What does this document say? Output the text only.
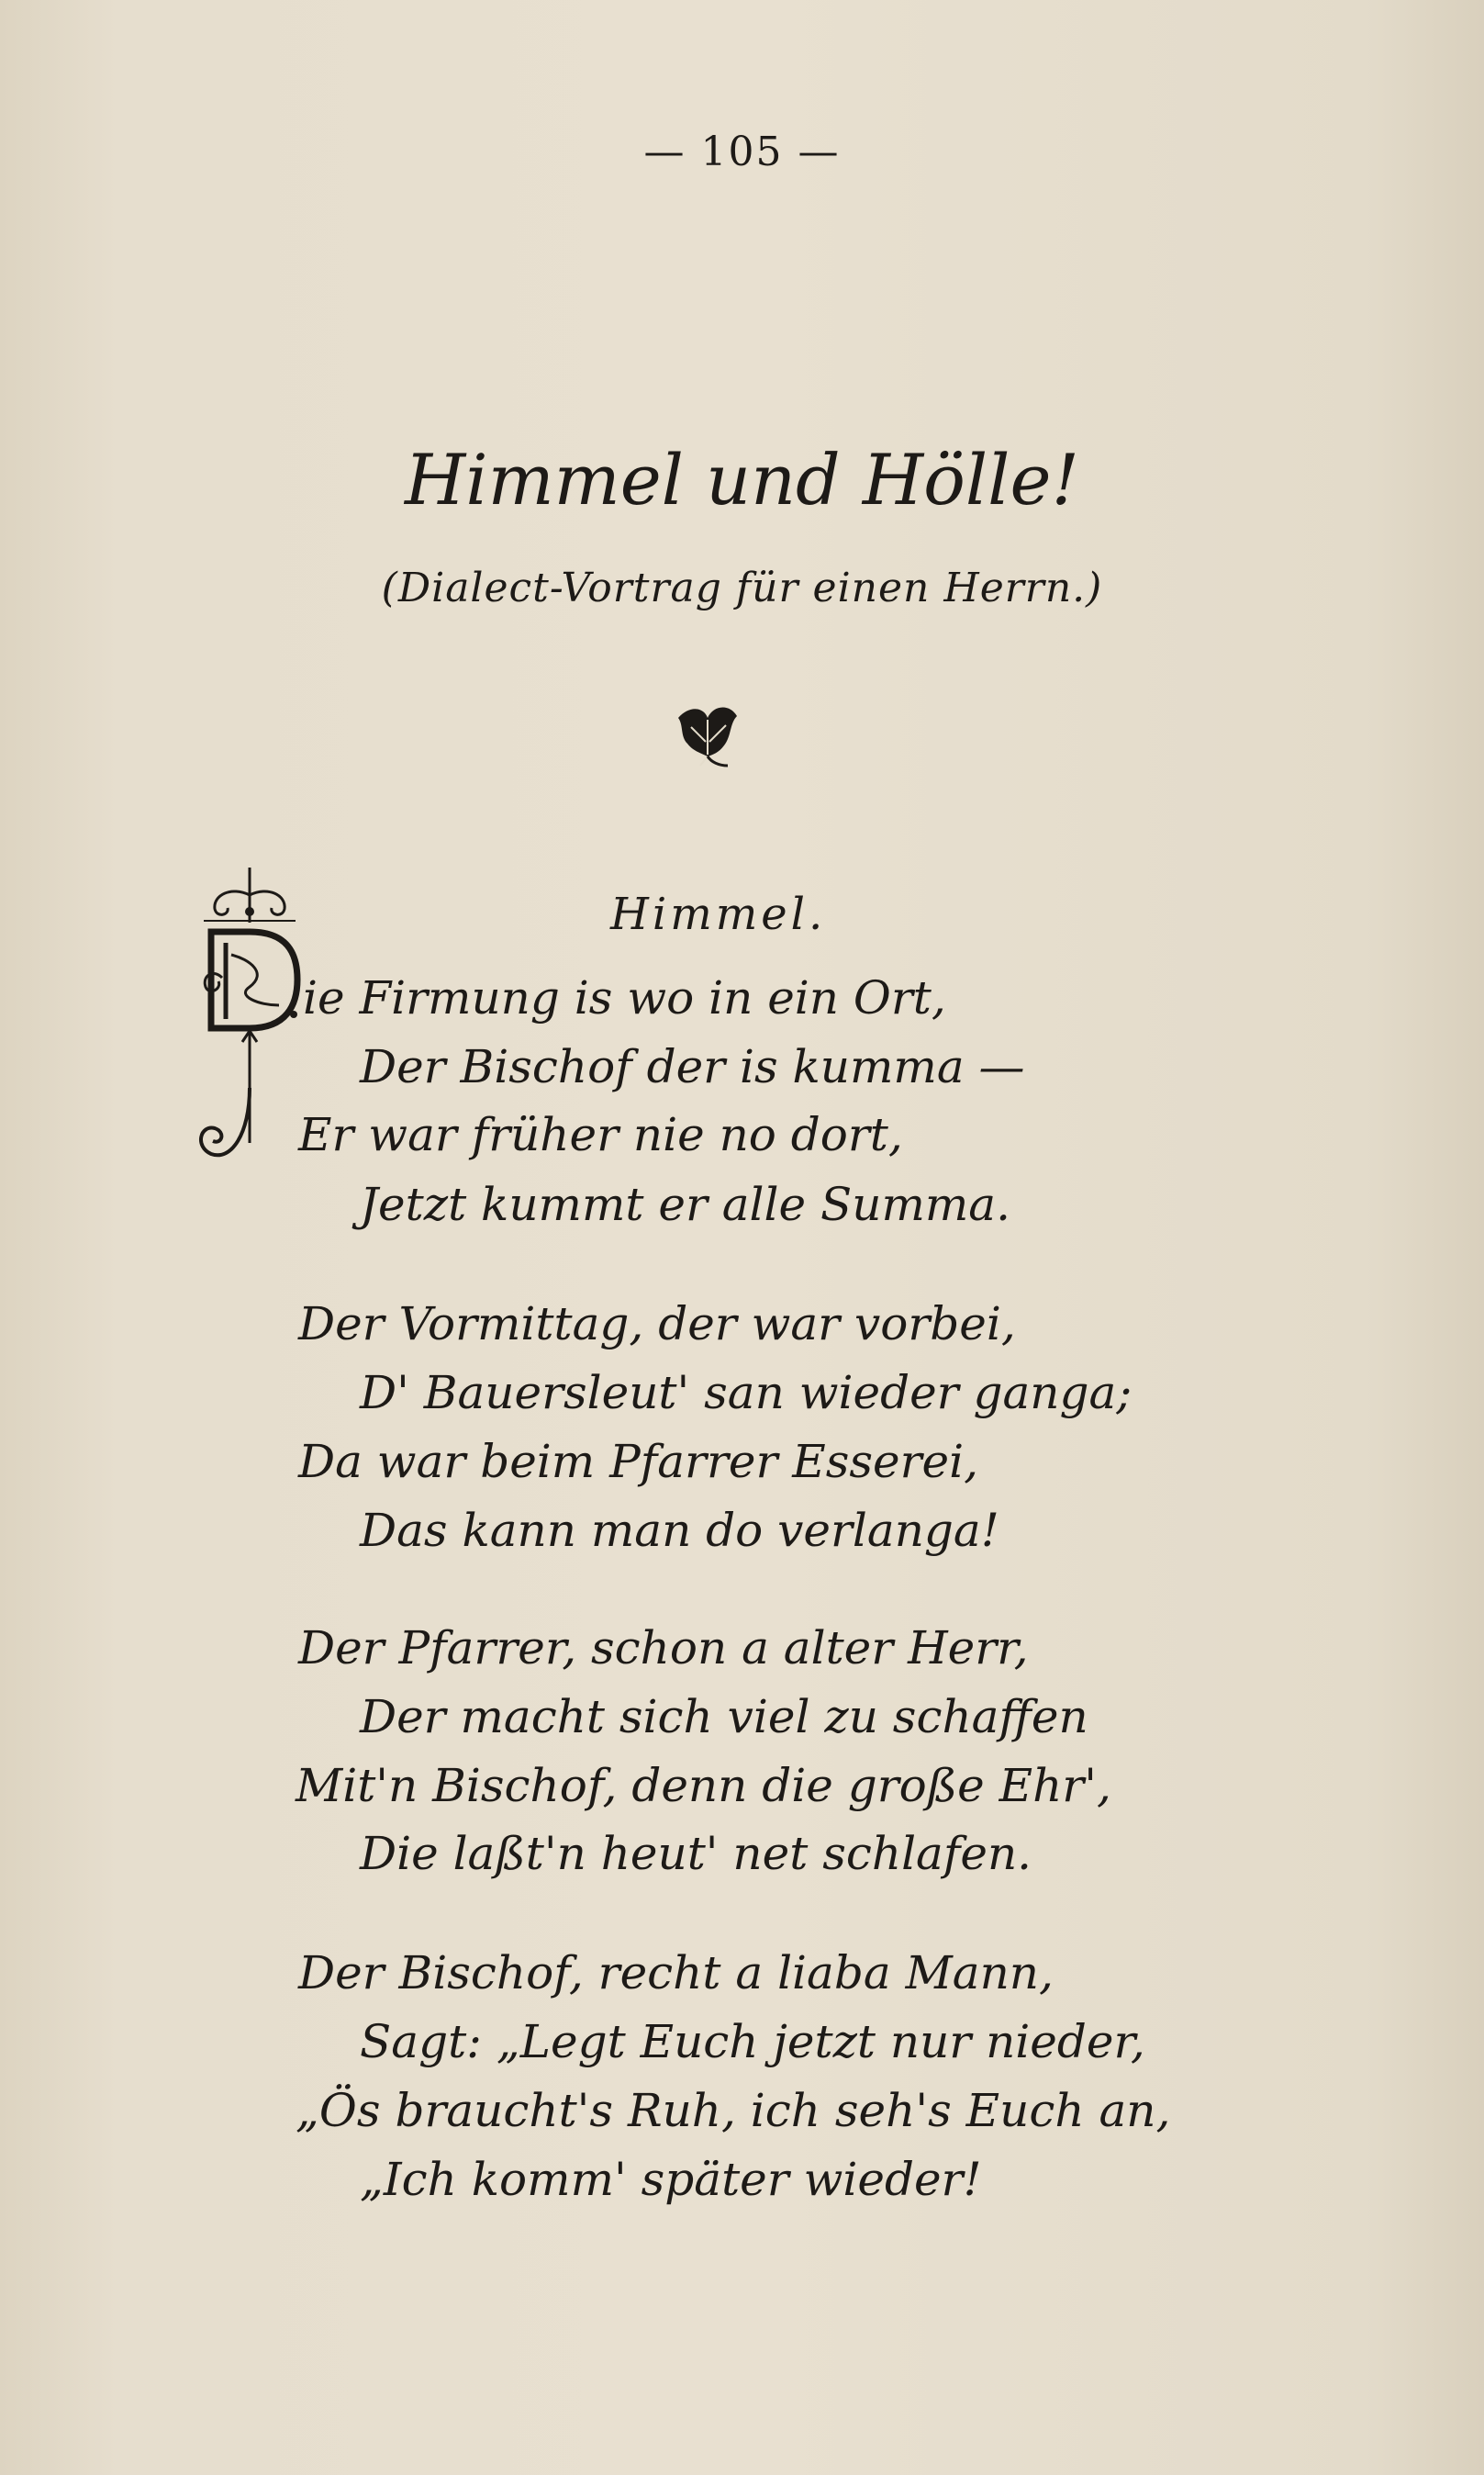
— 105 —
Himmel und Hölle!
(Dialect-Vortrag für einen Herrn.)
Himmel.
ie Firmung is wo in ein Ort,
Der Bischof der is kumma —
Er war früher nie no dort,
Jetzt kummt er alle Summa.
Der Vormittag, der war vorbei,
D' Bauersleut' san wieder ganga;
Da war beim Pfarrer Esserei,
Das kann man do verlanga!
Der Pfarrer, schon a alter Herr,
Der macht sich viel zu schaffen
Mit'n Bischof, denn die große Ehr',
Die laßt'n heut' net schlafen.
Der Bischof, recht a liaba Mann,
Sagt: „Legt Euch jetzt nur nieder,
„Ös braucht's Ruh, ich seh's Euch an,
„Ich komm' später wieder!
